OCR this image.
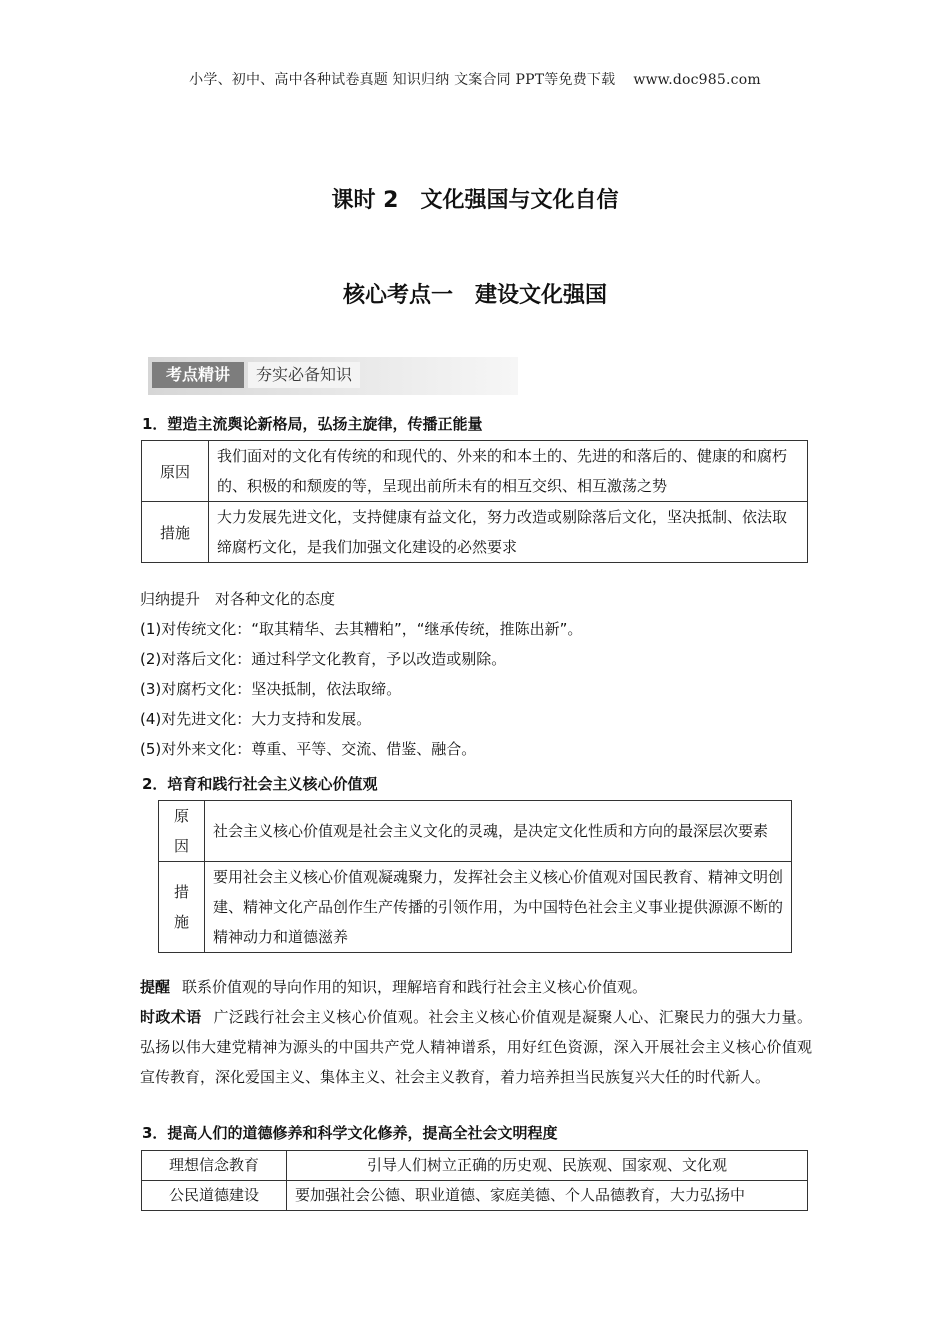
小学、初中、高中各种试卷真题 知识归纳 文案合同 PPT等免费下载 www.doc985.com
课时 2　文化强国与文化自信
核心考点一　建设文化强国
考点精讲	夯实必备知识
1．塑造主流舆论新格局，弘扬主旋律，传播正能量
原因	我们面对的文化有传统的和现代的、外来的和本土的、先进的和落后的、健康的和腐朽的、积极的和颓废的等，呈现出前所未有的相互交织、相互激荡之势
措施	大力发展先进文化，支持健康有益文化，努力改造或剔除落后文化，坚决抵制、依法取缔腐朽文化，是我们加强文化建设的必然要求
归纳提升　对各种文化的态度
(1)对传统文化：“取其精华、去其糟粕”，“继承传统，推陈出新”。
(2)对落后文化：通过科学文化教育，予以改造或剔除。
(3)对腐朽文化：坚决抵制，依法取缔。
(4)对先进文化：大力支持和发展。
(5)对外来文化：尊重、平等、交流、借鉴、融合。
2．培育和践行社会主义核心价值观
原
因	社会主义核心价值观是社会主义文化的灵魂，是决定文化性质和方向的最深层次要素
措
施	要用社会主义核心价值观凝魂聚力，发挥社会主义核心价值观对国民教育、精神文明创建、精神文化产品创作生产传播的引领作用，为中国特色社会主义事业提供源源不断的精神动力和道德滋养
提醒 联系价值观的导向作用的知识，理解培育和践行社会主义核心价值观。
时政术语 广泛践行社会主义核心价值观。社会主义核心价值观是凝聚人心、汇聚民力的强大力量。弘扬以伟大建党精神为源头的中国共产党人精神谱系，用好红色资源，深入开展社会主义核心价值观宣传教育，深化爱国主义、集体主义、社会主义教育，着力培养担当民族复兴大任的时代新人。
3．提高人们的道德修养和科学文化修养，提高全社会文明程度
理想信念教育	引导人们树立正确的历史观、民族观、国家观、文化观
公民道德建设	要加强社会公德、职业道德、家庭美德、个人品德教育，大力弘扬中
